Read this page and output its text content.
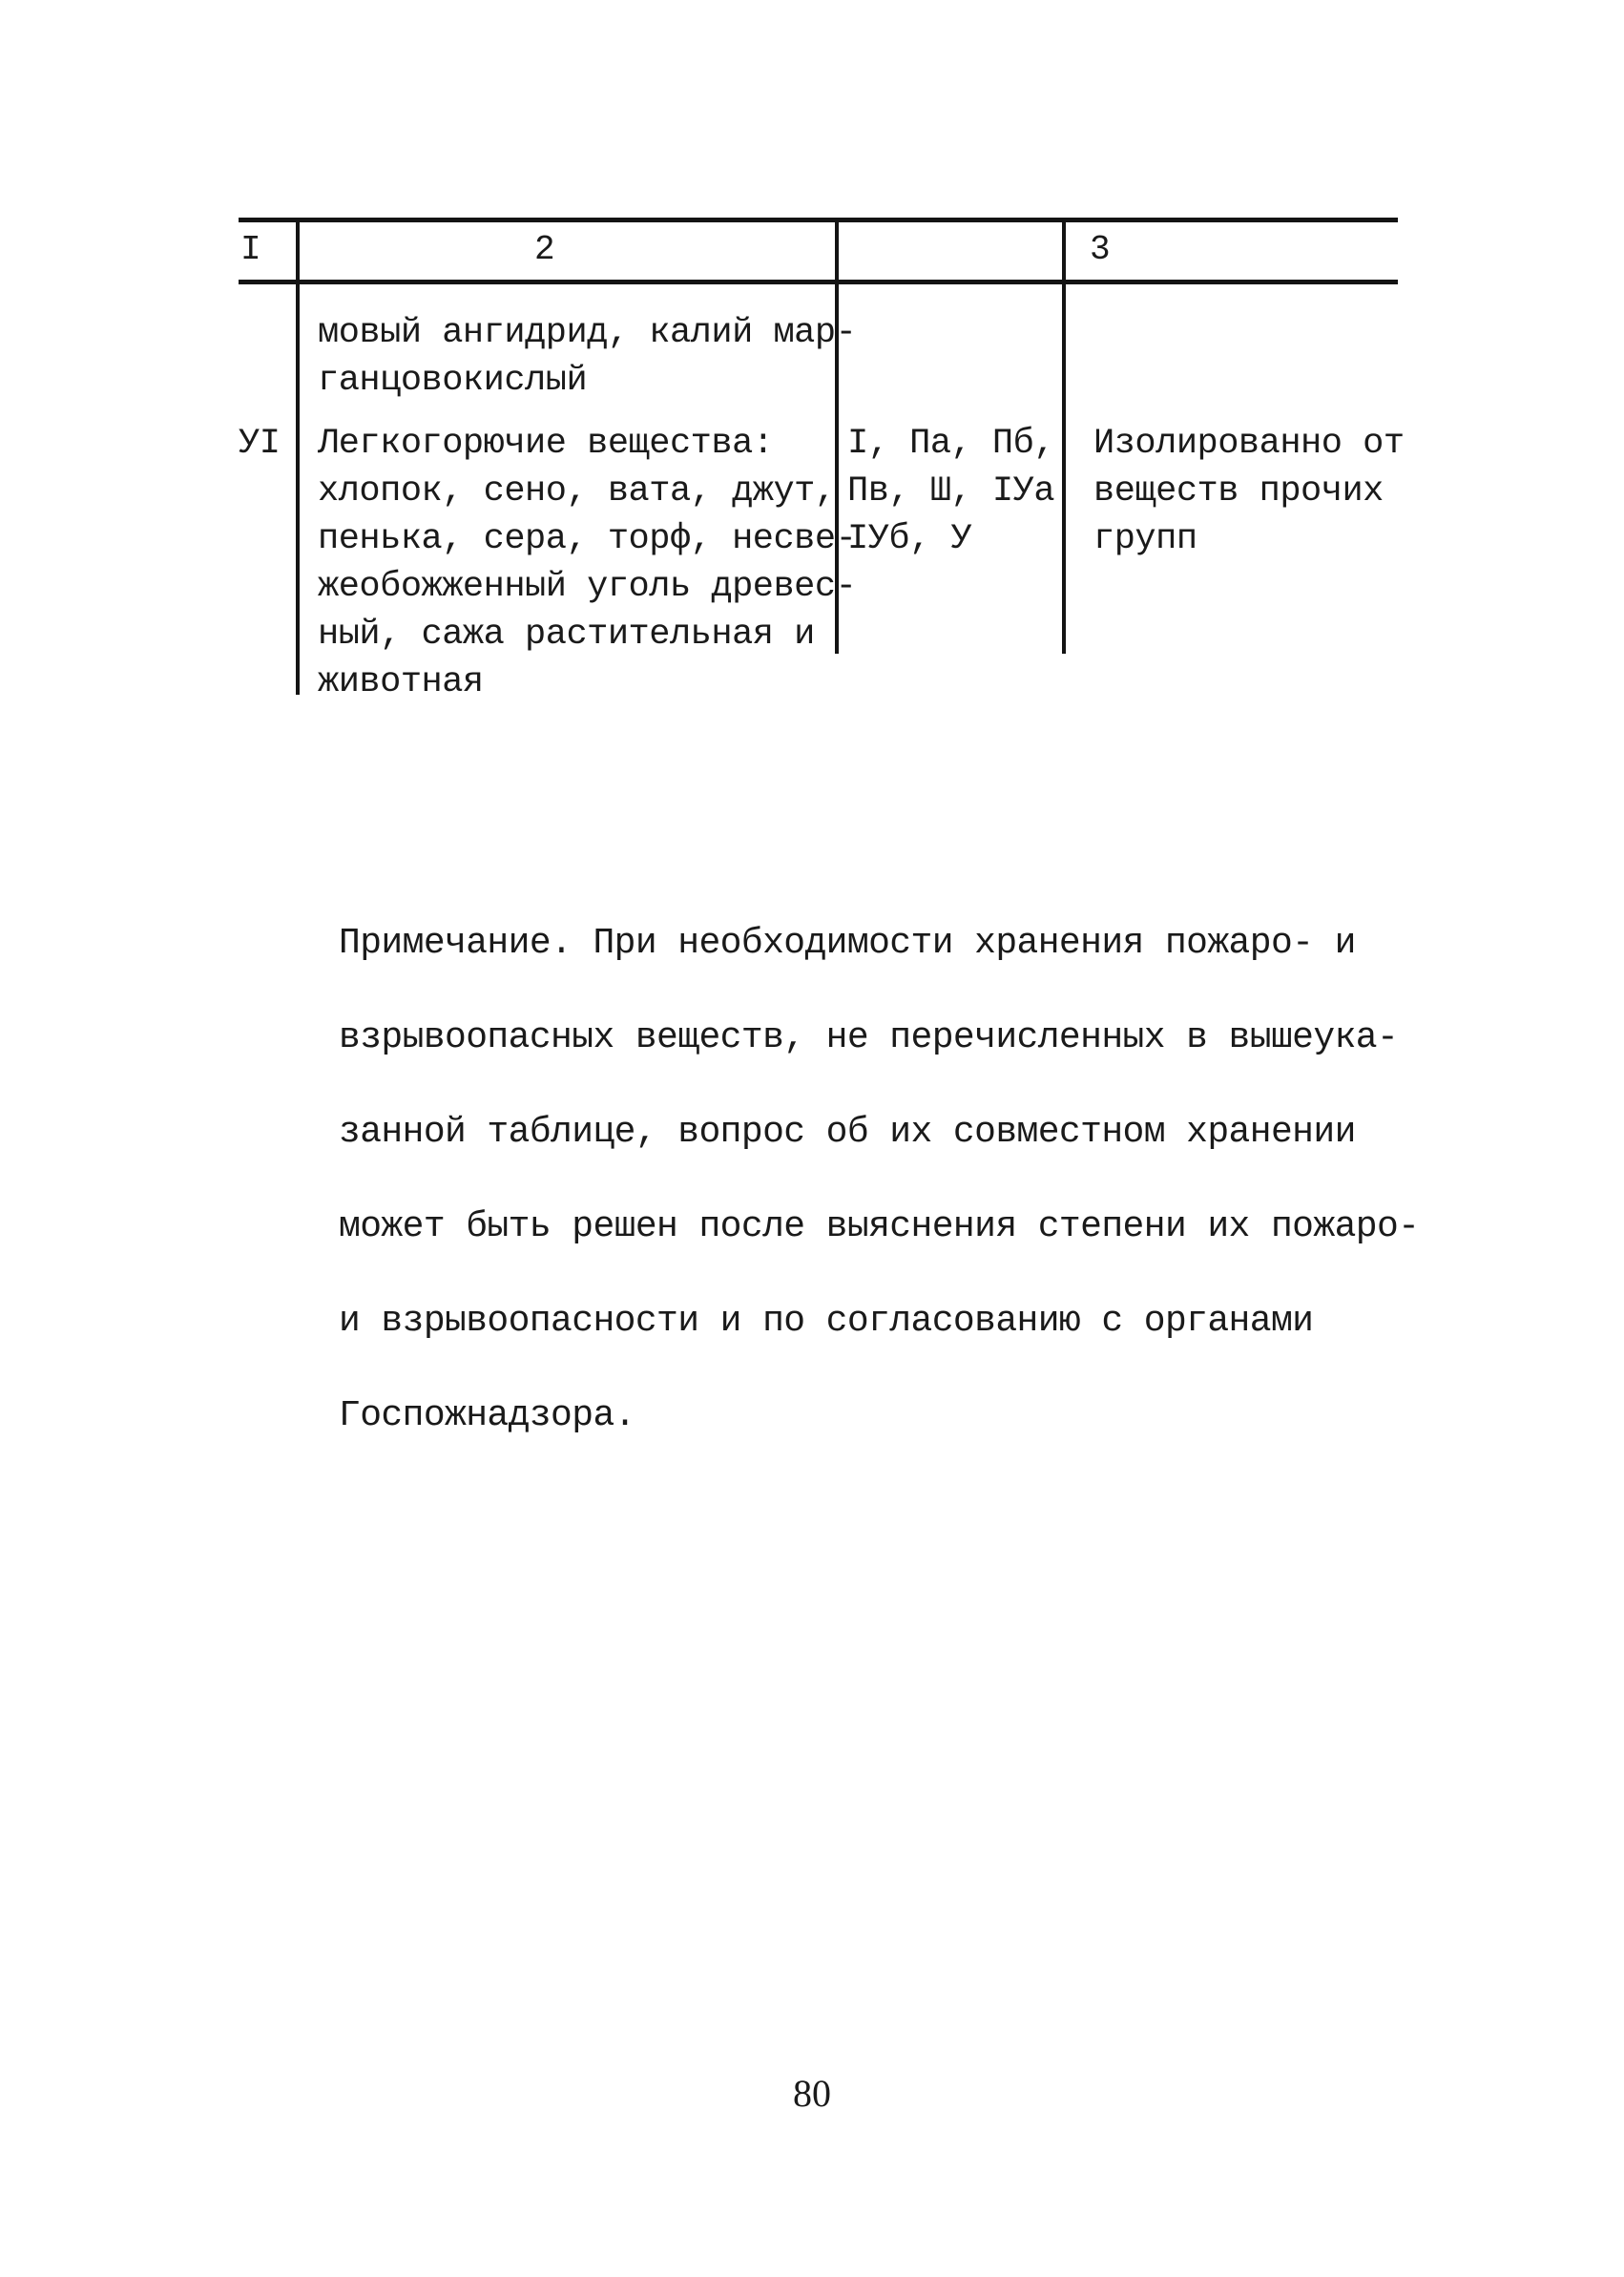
I	2	3
мовый ангидрид, калий мар-
ганцовокислый
УI Легкогорючие вещества:
хлопок, сено, вата, джут,
пенька, сера, торф, несве-
жеобожженный уголь древес-
ный, сажа растительная и
животная
I, Па, Пб,
Пв, Ш, IУа
IУб, У
Изолированно от
веществ прочих
групп

Примечание. При необходимости хранения пожаро- и

взрывоопасных веществ, не перечисленных в вышеука-

занной таблице, вопрос об их совместном хранении

может быть решен после выяснения степени их пожаро-

и взрывоопасности и по согласованию с органами

Госпожнадзора.

80
